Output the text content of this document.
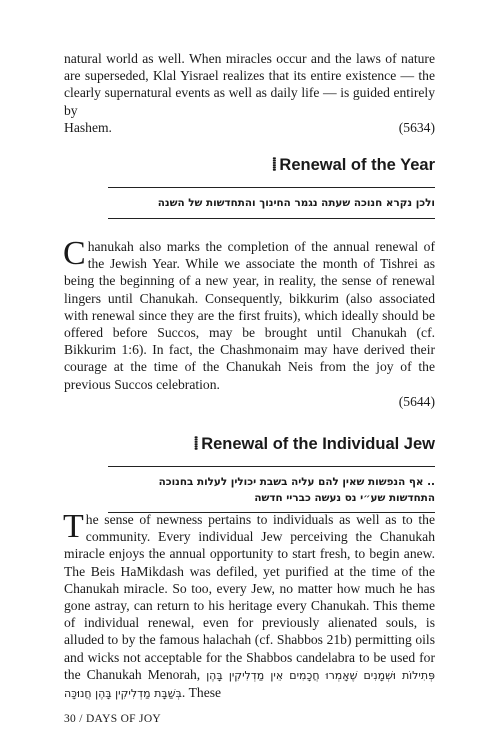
natural world as well. When miracles occur and the laws of nature are superseded, Klal Yisrael realizes that its entire existence — the clearly supernatural events as well as daily life — is guided entirely by

Hashem.	(5634)
⸽⸽ Renewal of the Year
ולכן נקרא חנוכה שעתה נגמר החינוך והתחדשות של השנה

Chanukah also marks the completion of the annual renewal of the Jewish Year. While we associate the month of Tishrei as being the beginning of a new year, in reality, the sense of renewal lingers until Chanukah. Consequently, bikkurim (also associated with renewal since they are the first fruits), which ideally should be offered before Succos, may be brought until Chanukah (cf. Bikkurim 1:6). In fact, the Chashmonaim may have derived their courage at the time of the Chanukah Neis from the joy of the previous Succos celebration.

(5644)
⸽⸽ Renewal of the Individual Jew
.. אף הנפשות שאין להם עליה בשבת יכולין לעלות בחנוכה
התחדשות שע״י נס נעשה כבריי חדשה

The sense of newness pertains to individuals as well as to the community. Every individual Jew perceiving the Chanukah miracle enjoys the annual opportunity to start fresh, to begin anew. The Beis HaMikdash was defiled, yet purified at the time of the Chanukah miracle. So too, every Jew, no matter how much he has gone astray, can return to his heritage every Chanukah. This theme of individual renewal, even for previously alienated souls, is alluded to by the famous halachah (cf. Shabbos 21b) permitting oils and wicks not acceptable for the Shabbos candelabra to be used for the Chanukah Menorah,	פְּתִילוֹת וּשְׁמָנִים שֶׁאָמְרוּ חֲכָמִים אֵין מַדְלִיקִין בָּהֶן בְּשַׁבָּת מַדְלִיקִין בָּהֶן חֲנוּכָּה. These

30 / DAYS OF JOY
